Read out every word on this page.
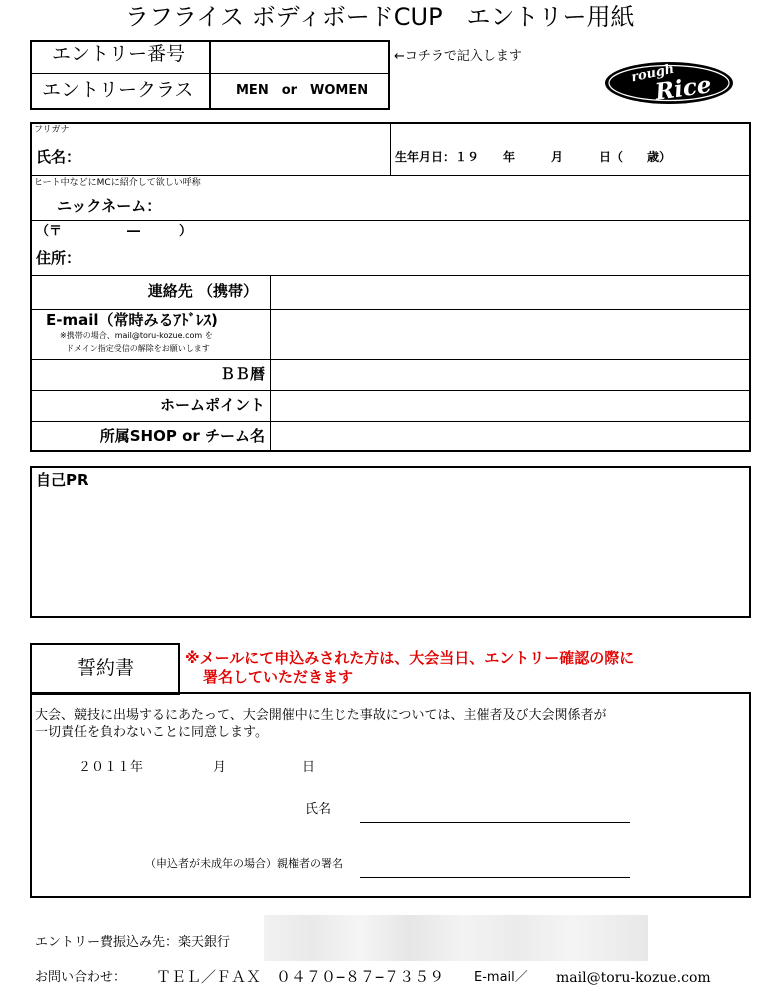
ラフライス ボディボードCUP　エントリー用紙
エントリー番号
エントリークラス	MEN　or　WOMEN
←コチラで記入します
rough
Rice
フリガナ
氏名：	生年月日：１９　　年　　　月　　　日（　　歳）
ヒート中などにMCに紹介して欲しい呼称
ニックネーム：
（〒　　　　　―　　　）
住所：
連絡先 （携帯）
E-mail（常時みるｱﾄﾞﾚｽ)
※携帯の場合、mail@toru-kozue.com を
ドメイン指定受信の解除をお願いします
ＢＢ暦
ホームポイント
所属SHOP or チーム名
自己PR
誓約書	※メールにて申込みされた方は、大会当日、エントリー確認の際に
署名していただきます
大会、競技に出場するにあたって、大会開催中に生じた事故については、主催者及び大会関係者が
一切責任を負わないことに同意します。
２０１１年	月	日
氏名
（申込者が未成年の場合）親権者の署名
エントリー費振込み先：楽天銀行
お問い合わせ： ＴＥＬ／ＦＡＸ　０４７０−８７−７３５９ E-mail／ mail@toru-kozue.com
